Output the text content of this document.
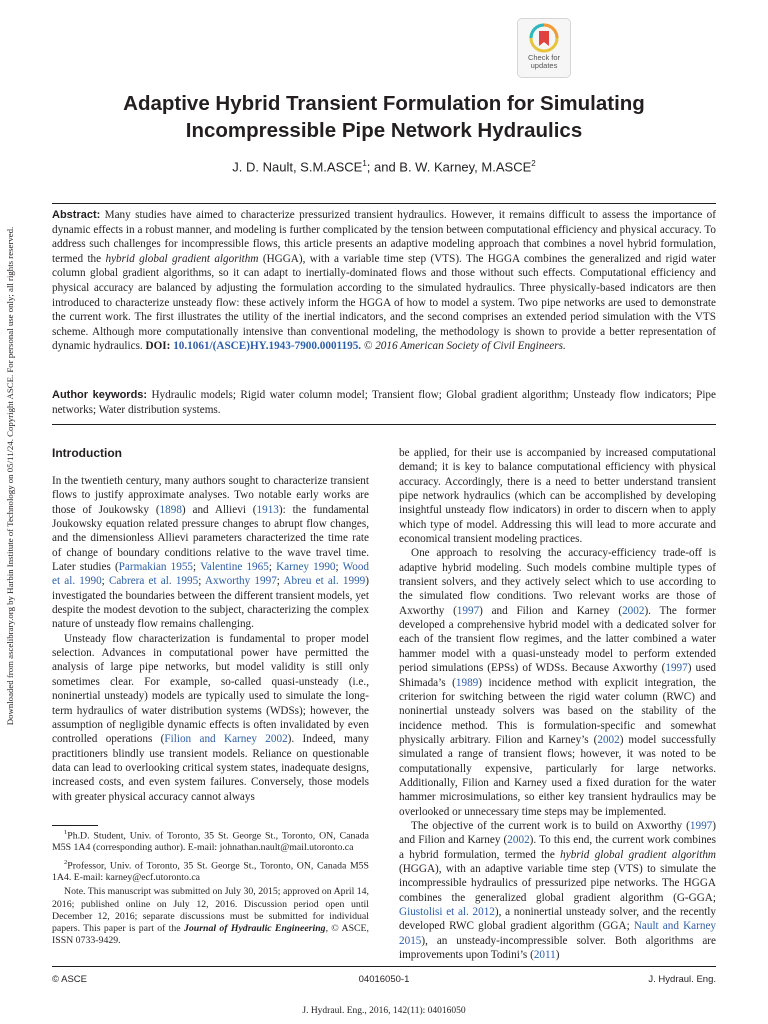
Check for
updates
Adaptive Hybrid Transient Formulation for Simulating
Incompressible Pipe Network Hydraulics
J. D. Nault, S.M.ASCE$^1$; and B. W. Karney, M.ASCE$^2$

Abstract: Many studies have aimed to characterize pressurized transient hydraulics. However, it remains difficult to assess the importance of dynamic effects in a robust manner, and modeling is further complicated by the tension between computational efficiency and physical accuracy. To address such challenges for incompressible flows, this article presents an adaptive modeling approach that combines a novel hybrid formulation, termed the hybrid global gradient algorithm (HGGA), with a variable time step (VTS). The HGGA combines the generalized and rigid water column global gradient algorithms, so it can adapt to inertially-dominated flows and those without such effects. Computational efficiency and physical accuracy are balanced by adjusting the formulation according to the simulated hydraulics. Three physically-based indicators are then introduced to characterize unsteady flow: these actively inform the HGGA of how to model a system. Two pipe networks are used to demonstrate the current work. The first illustrates the utility of the inertial indicators, and the second comprises an extended period simulation with the VTS scheme. Although more computationally intensive than conventional modeling, the methodology is shown to provide a better representation of dynamic hydraulics. DOI: 10.1061/(ASCE)HY.1943-7900.0001195. © 2016 American Society of Civil Engineers.

Author keywords: Hydraulic models; Rigid water column model; Transient flow; Global gradient algorithm; Unsteady flow indicators; Pipe networks; Water distribution systems.

Downloaded from ascelibrary.org by Harbin Institute of Technology on 05/11/24. Copyright ASCE. For personal use only; all rights reserved.	Introduction

In the twentieth century, many authors sought to characterize transient flows to justify approximate analyses. Two notable early works are those of Joukowsky (1898) and Allievi (1913): the fundamental Joukowsky equation related pressure changes to abrupt flow changes, and the dimensionless Allievi parameters characterized the time rate of change of boundary conditions relative to the wave travel time. Later studies (Parmakian 1955; Valentine 1965; Karney 1990; Wood et al. 1990; Cabrera et al. 1995; Axworthy 1997; Abreu et al. 1999) investigated the boundaries between the different transient models, yet despite the modest devotion to the subject, characterizing the complex nature of unsteady flow remains challenging.

Unsteady flow characterization is fundamental to proper model selection. Advances in computational power have permitted the analysis of large pipe networks, but model validity is still only sometimes clear. For example, so-called quasi-unsteady (i.e., noninertial unsteady) models are typically used to simulate the long-term hydraulics of water distribution systems (WDSs); however, the assumption of negligible dynamic effects is often invalidated by even controlled operations (Filion and Karney 2002). Indeed, many practitioners blindly use transient models. Reliance on questionable data can lead to overlooking critical system states, inadequate designs, increased costs, and even system failures. Conversely, those models with greater physical accuracy cannot always

$^1$Ph.D. Student, Univ. of Toronto, 35 St. George St., Toronto, ON, Canada M5S 1A4 (corresponding author). E-mail: johnathan.nault@mail.utoronto.ca

$^2$Professor, Univ. of Toronto, 35 St. George St., Toronto, ON, Canada M5S 1A4. E-mail: karney@ecf.utoronto.ca

Note. This manuscript was submitted on July 30, 2015; approved on April 14, 2016; published online on July 12, 2016. Discussion period open until December 12, 2016; separate discussions must be submitted for individual papers. This paper is part of the Journal of Hydraulic Engineering, © ASCE, ISSN 0733-9429.

be applied, for their use is accompanied by increased computational demand; it is key to balance computational efficiency with physical accuracy. Accordingly, there is a need to better understand transient pipe network hydraulics (which can be accomplished by developing insightful unsteady flow indicators) in order to discern when to apply which type of model. Addressing this will lead to more accurate and economical transient modeling practices.

One approach to resolving the accuracy-efficiency trade-off is adaptive hybrid modeling. Such models combine multiple types of transient solvers, and they actively select which to use according to the simulated flow conditions. Two relevant works are those of Axworthy (1997) and Filion and Karney (2002). The former developed a comprehensive hybrid model with a dedicated solver for each of the transient flow regimes, and the latter combined a water hammer model with a quasi-unsteady model to perform extended period simulations (EPSs) of WDSs. Because Axworthy (1997) used Shimada’s (1989) incidence method with explicit integration, the criterion for switching between the rigid water column (RWC) and noninertial unsteady solvers was based on the stability of the incidence method. This is formulation-specific and somewhat physically arbitrary. Filion and Karney’s (2002) model successfully simulated a range of transient flows; however, it was noted to be computationally expensive, particularly for large networks. Additionally, Filion and Karney used a fixed duration for the water hammer microsimulations, so either key transient hydraulics may be overlooked or unnecessary time steps may be implemented.

The objective of the current work is to build on Axworthy (1997) and Filion and Karney (2002). To this end, the current work combines a hybrid formulation, termed the hybrid global gradient algorithm (HGGA), with an adaptive variable time step (VTS) to simulate the incompressible hydraulics of pressurized pipe networks. The HGGA combines the generalized global gradient algorithm (G-GGA; Giustolisi et al. 2012), a noninertial unsteady solver, and the recently developed RWC global gradient algorithm (GGA; Nault and Karney 2015), an unsteady-incompressible solver. Both algorithms are improvements upon Todini’s (2011)

04016050-1
© ASCE	J. Hydraul. Eng.
J. Hydraul. Eng., 2016, 142(11): 04016050
